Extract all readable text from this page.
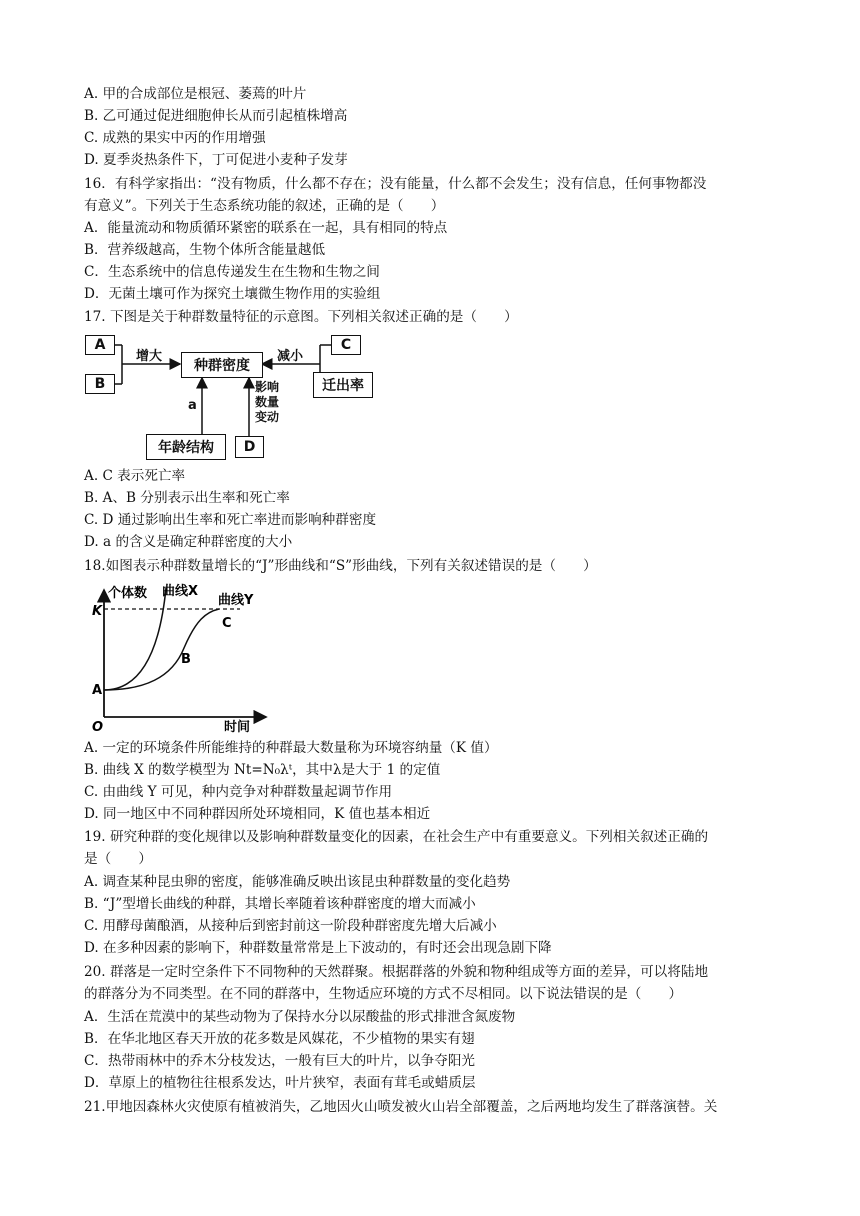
A. 甲的合成部位是根冠、萎蔫的叶片
B. 乙可通过促进细胞伸长从而引起植株增高
C. 成熟的果实中丙的作用增强
D. 夏季炎热条件下，丁可促进小麦种子发芽
16．有科学家指出：“没有物质，什么都不存在；没有能量，什么都不会发生；没有信息，任何事物都没
有意义”。下列关于生态系统功能的叙述，正确的是（　　）
A．能量流动和物质循环紧密的联系在一起，具有相同的特点
B．营养级越高，生物个体所含能量越低
C．生态系统中的信息传递发生在生物和生物之间
D．无菌土壤可作为探究土壤微生物作用的实验组
17. 下图是关于种群数量特征的示意图。下列相关叙述正确的是（　　）
A
B
种群密度
C
迁出率
年龄结构	D
增大	减小
a
影响数量变动
A. C 表示死亡率
B. A、B 分别表示出生率和死亡率
C. D 通过影响出生率和死亡率进而影响种群密度
D. a 的含义是确定种群密度的大小
18.如图表示种群数量增长的“J”形曲线和“S”形曲线，下列有关叙述错误的是（　　）
K
A
B
C
O	时间
个体数 曲线X
曲线Y
A. 一定的环境条件所能维持的种群最大数量称为环境容纳量（K 值）
B. 曲线 X 的数学模型为 Nt=N₀λᵗ，其中λ是大于 1 的定值
C. 由曲线 Y 可见，种内竞争对种群数量起调节作用
D. 同一地区中不同种群因所处环境相同，K 值也基本相近
19. 研究种群的变化规律以及影响种群数量变化的因素，在社会生产中有重要意义。下列相关叙述正确的
是（　　）
A. 调查某种昆虫卵的密度，能够准确反映出该昆虫种群数量的变化趋势
B. “J”型增长曲线的种群，其增长率随着该种群密度的增大而减小
C. 用酵母菌酿酒，从接种后到密封前这一阶段种群密度先增大后减小
D. 在多种因素的影响下，种群数量常常是上下波动的，有时还会出现急剧下降
20. 群落是一定时空条件下不同物种的天然群聚。根据群落的外貌和物种组成等方面的差异，可以将陆地
的群落分为不同类型。在不同的群落中，生物适应环境的方式不尽相同。以下说法错误的是（　　）
A．生活在荒漠中的某些动物为了保持水分以尿酸盐的形式排泄含氮废物
B．在华北地区春天开放的花多数是风媒花，不少植物的果实有翅
C．热带雨林中的乔木分枝发达，一般有巨大的叶片，以争夺阳光
D．草原上的植物往往根系发达，叶片狭窄，表面有茸毛或蜡质层
21.甲地因森林火灾使原有植被消失，乙地因火山喷发被火山岩全部覆盖，之后两地均发生了群落演替。关
